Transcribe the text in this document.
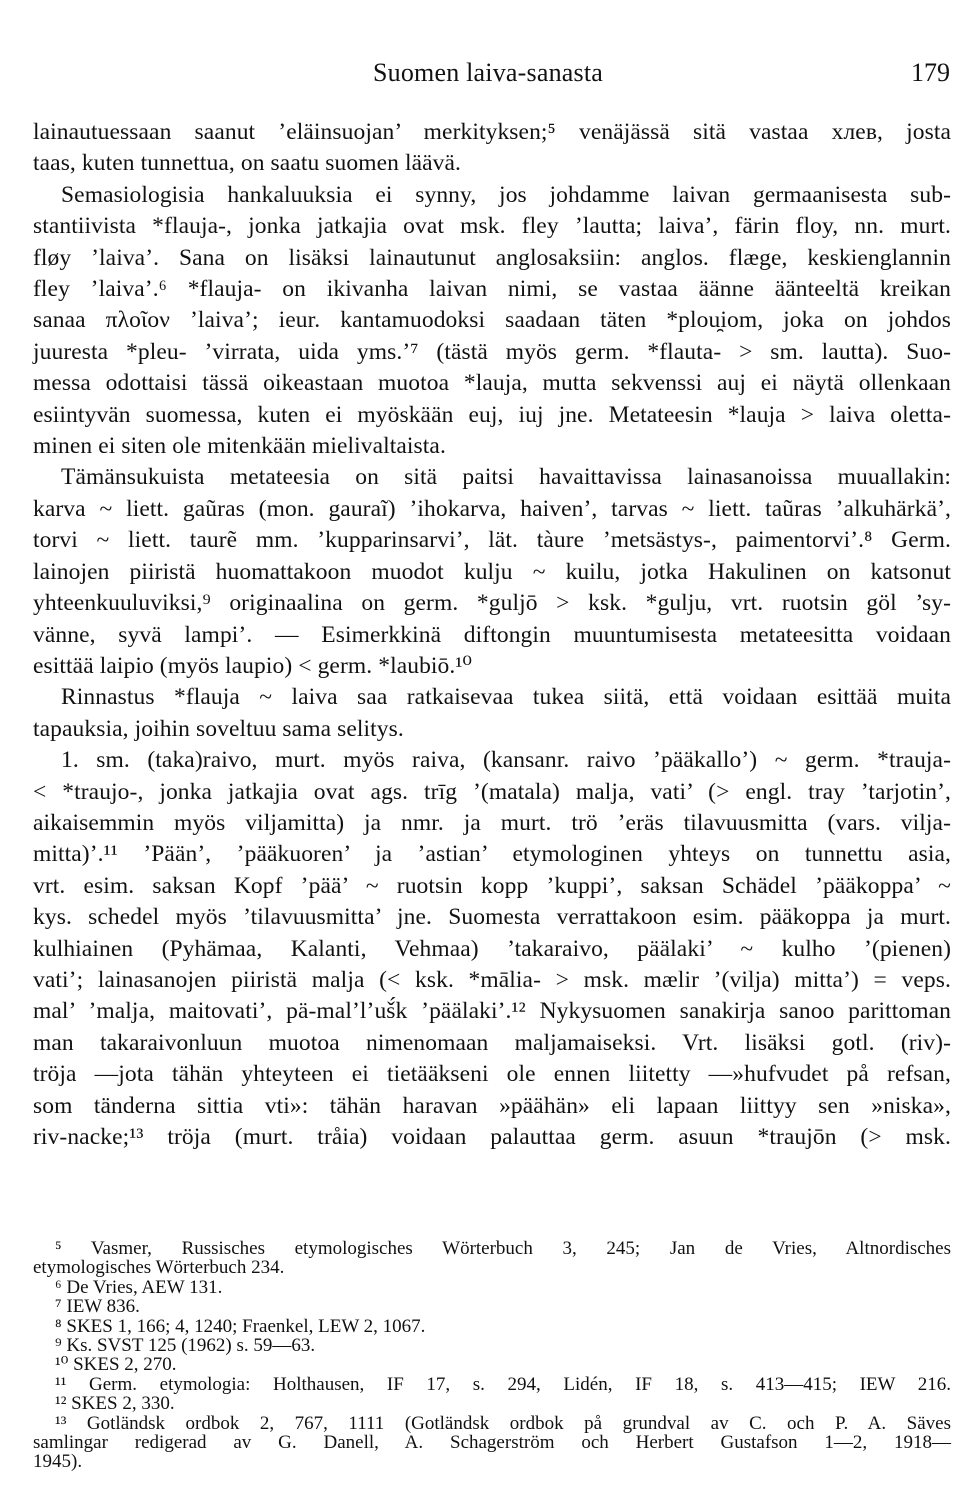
Suomen laiva-sanasta	179
lainautuessaan saanut ’eläinsuojan’ merkityksen;⁵ venäjässä sitä vastaa хлев, josta
taas, kuten tunnettua, on saatu suomen läävä.
Semasiologisia hankaluuksia ei synny, jos johdamme laivan germaanisesta sub-
stantiivista *flauja-, jonka jatkajia ovat msk. fley ’lautta; laiva’, färin floy, nn. murt.
fløy ’laiva’. Sana on lisäksi lainautunut anglosaksiin: anglos. flæge, keskienglannin
fley ’laiva’.⁶ *flauja- on ikivanha laivan nimi, se vastaa äänne äänteeltä kreikan
sanaa πλοῖον ’laiva’; ieur. kantamuodoksi saadaan täten *plou̯iom, joka on johdos
juuresta *pleu- ’virrata, uida yms.’⁷ (tästä myös germ. *flauta- > sm. lautta). Suo-
messa odottaisi tässä oikeastaan muotoa *lauja, mutta sekvenssi auj ei näytä ollenkaan
esiintyvän suomessa, kuten ei myöskään euj, iuj jne. Metateesin *lauja > laiva oletta-
minen ei siten ole mitenkään mielivaltaista.
Tämänsukuista metateesia on sitä paitsi havaittavissa lainasanoissa muuallakin:
karva ~ liett. gaũras (mon. gauraĩ) ’ihokarva, haiven’, tarvas ~ liett. taũras ’alkuhärkä’,
torvi ~ liett. taurẽ mm. ’kupparinsarvi’, lät. tàure ’metsästys-, paimentorvi’.⁸ Germ.
lainojen piiristä huomattakoon muodot kulju ~ kuilu, jotka Hakulinen on katsonut
yhteenkuuluviksi,⁹ originaalina on germ. *guljō > ksk. *gulju, vrt. ruotsin göl ’sy-
vänne, syvä lampi’. — Esimerkkinä diftongin muuntumisesta metateesitta voidaan
esittää laipio (myös laupio) < germ. *laubiō.¹⁰
Rinnastus *flauja ~ laiva saa ratkaisevaa tukea siitä, että voidaan esittää muita
tapauksia, joihin soveltuu sama selitys.
1. sm. (taka)raivo, murt. myös raiva, (kansanr. raivo ’pääkallo’) ~ germ. *trauja-
< *traujo-, jonka jatkajia ovat ags. trīg ’(matala) malja, vati’ (> engl. tray ’tarjotin’,
aikaisemmin myös viljamitta) ja nmr. ja murt. trö ’eräs tilavuusmitta (vars. vilja-
mitta)’.¹¹ ’Pään’, ’pääkuoren’ ja ’astian’ etymologinen yhteys on tunnettu asia,
vrt. esim. saksan Kopf ’pää’ ~ ruotsin kopp ’kuppi’, saksan Schädel ’pääkoppa’ ~
kys. schedel myös ’tilavuusmitta’ jne. Suomesta verrattakoon esim. pääkoppa ja murt.
kulhiainen (Pyhämaa, Kalanti, Vehmaa) ’takaraivo, päälaki’ ~ kulho ’(pienen)
vati’; lainasanojen piiristä malja (< ksk. *mālia- > msk. mælir ’(vilja) mitta’) = veps.
mal’ ’malja, maitovati’, pä-mal’l’uš́k ’päälaki’.¹² Nykysuomen sanakirja sanoo parittoman
man takaraivonluun muotoa nimenomaan maljamaiseksi. Vrt. lisäksi gotl. (riv)-
tröja —jota tähän yhteyteen ei tietääkseni ole ennen liitetty —»hufvudet på refsan,
som tänderna sittia vti»: tähän haravan »päähän» eli lapaan liittyy sen »niska»,
riv-nacke;¹³ tröja (murt. tråia) voidaan palauttaa germ. asuun *traujōn (> msk.
⁵ Vasmer, Russisches etymologisches Wörterbuch 3, 245; Jan de Vries, Altnordisches
etymologisches Wörterbuch 234.
⁶ De Vries, AEW 131.
⁷ IEW 836.
⁸ SKES 1, 166; 4, 1240; Fraenkel, LEW 2, 1067.
⁹ Ks. SVST 125 (1962) s. 59—63.
¹⁰ SKES 2, 270.
¹¹ Germ. etymologia: Holthausen, IF 17, s. 294, Lidén, IF 18, s. 413—415; IEW 216.
¹² SKES 2, 330.
¹³ Gotländsk ordbok 2, 767, 1111 (Gotländsk ordbok på grundval av C. och P. A. Säves
samlingar redigerad av G. Danell, A. Schagerström och Herbert Gustafson 1—2, 1918—
1945).
